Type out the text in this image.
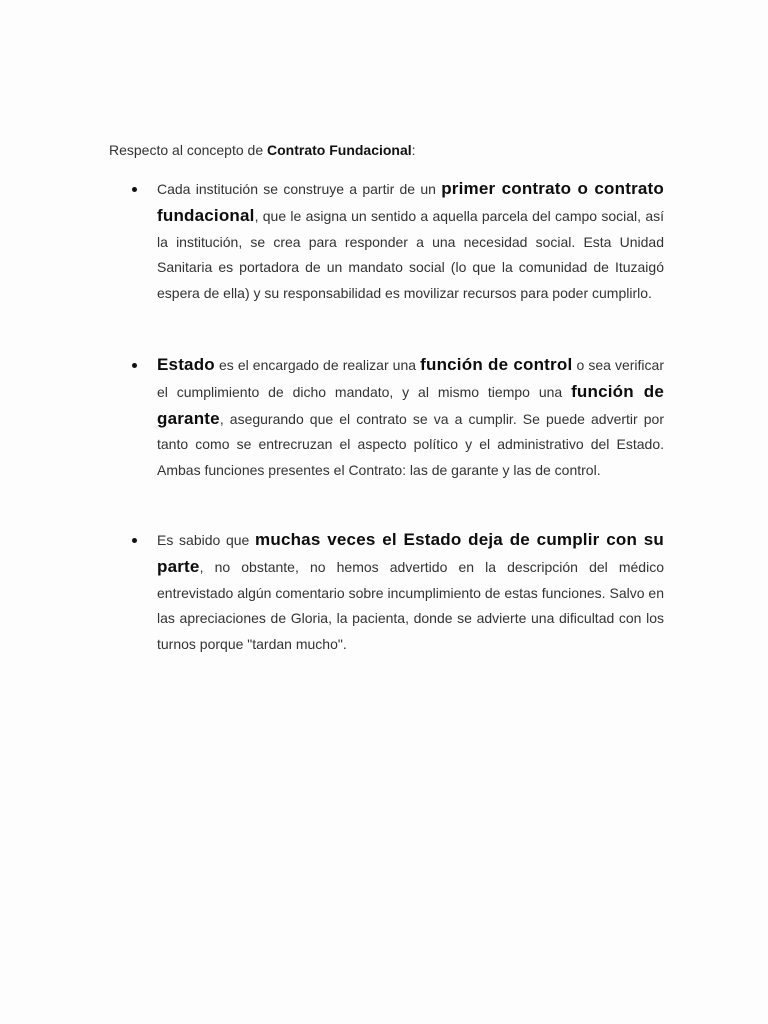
Respecto al concepto de Contrato Fundacional:
Cada institución se construye a partir de un primer contrato o contrato fundacional, que le asigna un sentido a aquella parcela del campo social, así la institución, se crea para responder a una necesidad social. Esta Unidad Sanitaria es portadora de un mandato social (lo que la comunidad de Ituzaigó espera de ella) y su responsabilidad es movilizar recursos para poder cumplirlo.
Estado es el encargado de realizar una función de control o sea verificar el cumplimiento de dicho mandato, y al mismo tiempo una función de garante, asegurando que el contrato se va a cumplir. Se puede advertir por tanto como se entrecruzan el aspecto político y el administrativo del Estado. Ambas funciones presentes el Contrato: las de garante y las de control.
Es sabido que muchas veces el Estado deja de cumplir con su parte, no obstante, no hemos advertido en la descripción del médico entrevistado algún comentario sobre incumplimiento de estas funciones. Salvo en las apreciaciones de Gloria, la pacienta, donde se advierte una dificultad con los turnos porque "tardan mucho".
